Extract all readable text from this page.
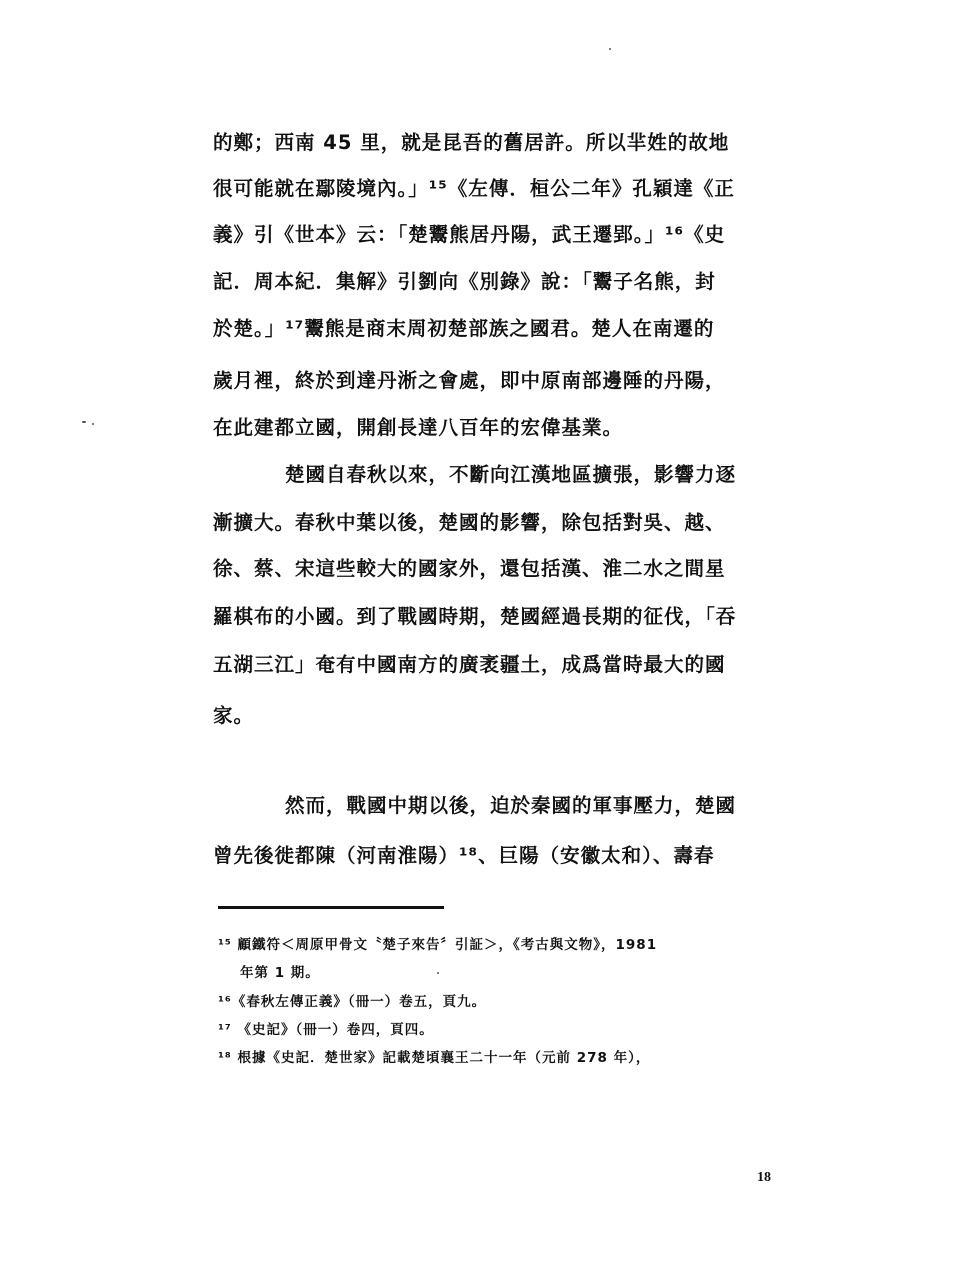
的鄭；西南 45 里，就是昆吾的舊居許。所以羋姓的故地
很可能就在鄢陵境內。」¹⁵《左傳．桓公二年》孔穎達《正
義》引《世本》云：「楚鬻熊居丹陽，武王遷郢。」¹⁶《史
記．周本紀．集解》引劉向《別錄》說：「鬻子名熊，封
於楚。」¹⁷鬻熊是商末周初楚部族之國君。楚人在南遷的
歲月裡，終於到達丹淅之會處，即中原南部邊陲的丹陽，
在此建都立國，開創長達八百年的宏偉基業。
楚國自春秋以來，不斷向江漢地區擴張，影響力逐
漸擴大。春秋中葉以後，楚國的影響，除包括對吳、越、
徐、蔡、宋這些較大的國家外，還包括漢、淮二水之間星
羅棋布的小國。到了戰國時期，楚國經過長期的征伐，「吞
五湖三江」奄有中國南方的廣袤疆土，成爲當時最大的國
家。
然而，戰國中期以後，迫於秦國的軍事壓力，楚國
曾先後徙都陳（河南淮陽）¹⁸、巨陽（安徽太和）、壽春
¹⁵ 顧鐵符＜周原甲骨文〝楚子來告〞引証＞，《考古與文物》，1981
年第 1 期。
¹⁶《春秋左傳正義》（冊一）卷五，頁九。
¹⁷ 《史記》（冊一）卷四，頁四。
¹⁸ 根據《史記．楚世家》記載楚頃襄王二十一年（元前 278 年），
18
